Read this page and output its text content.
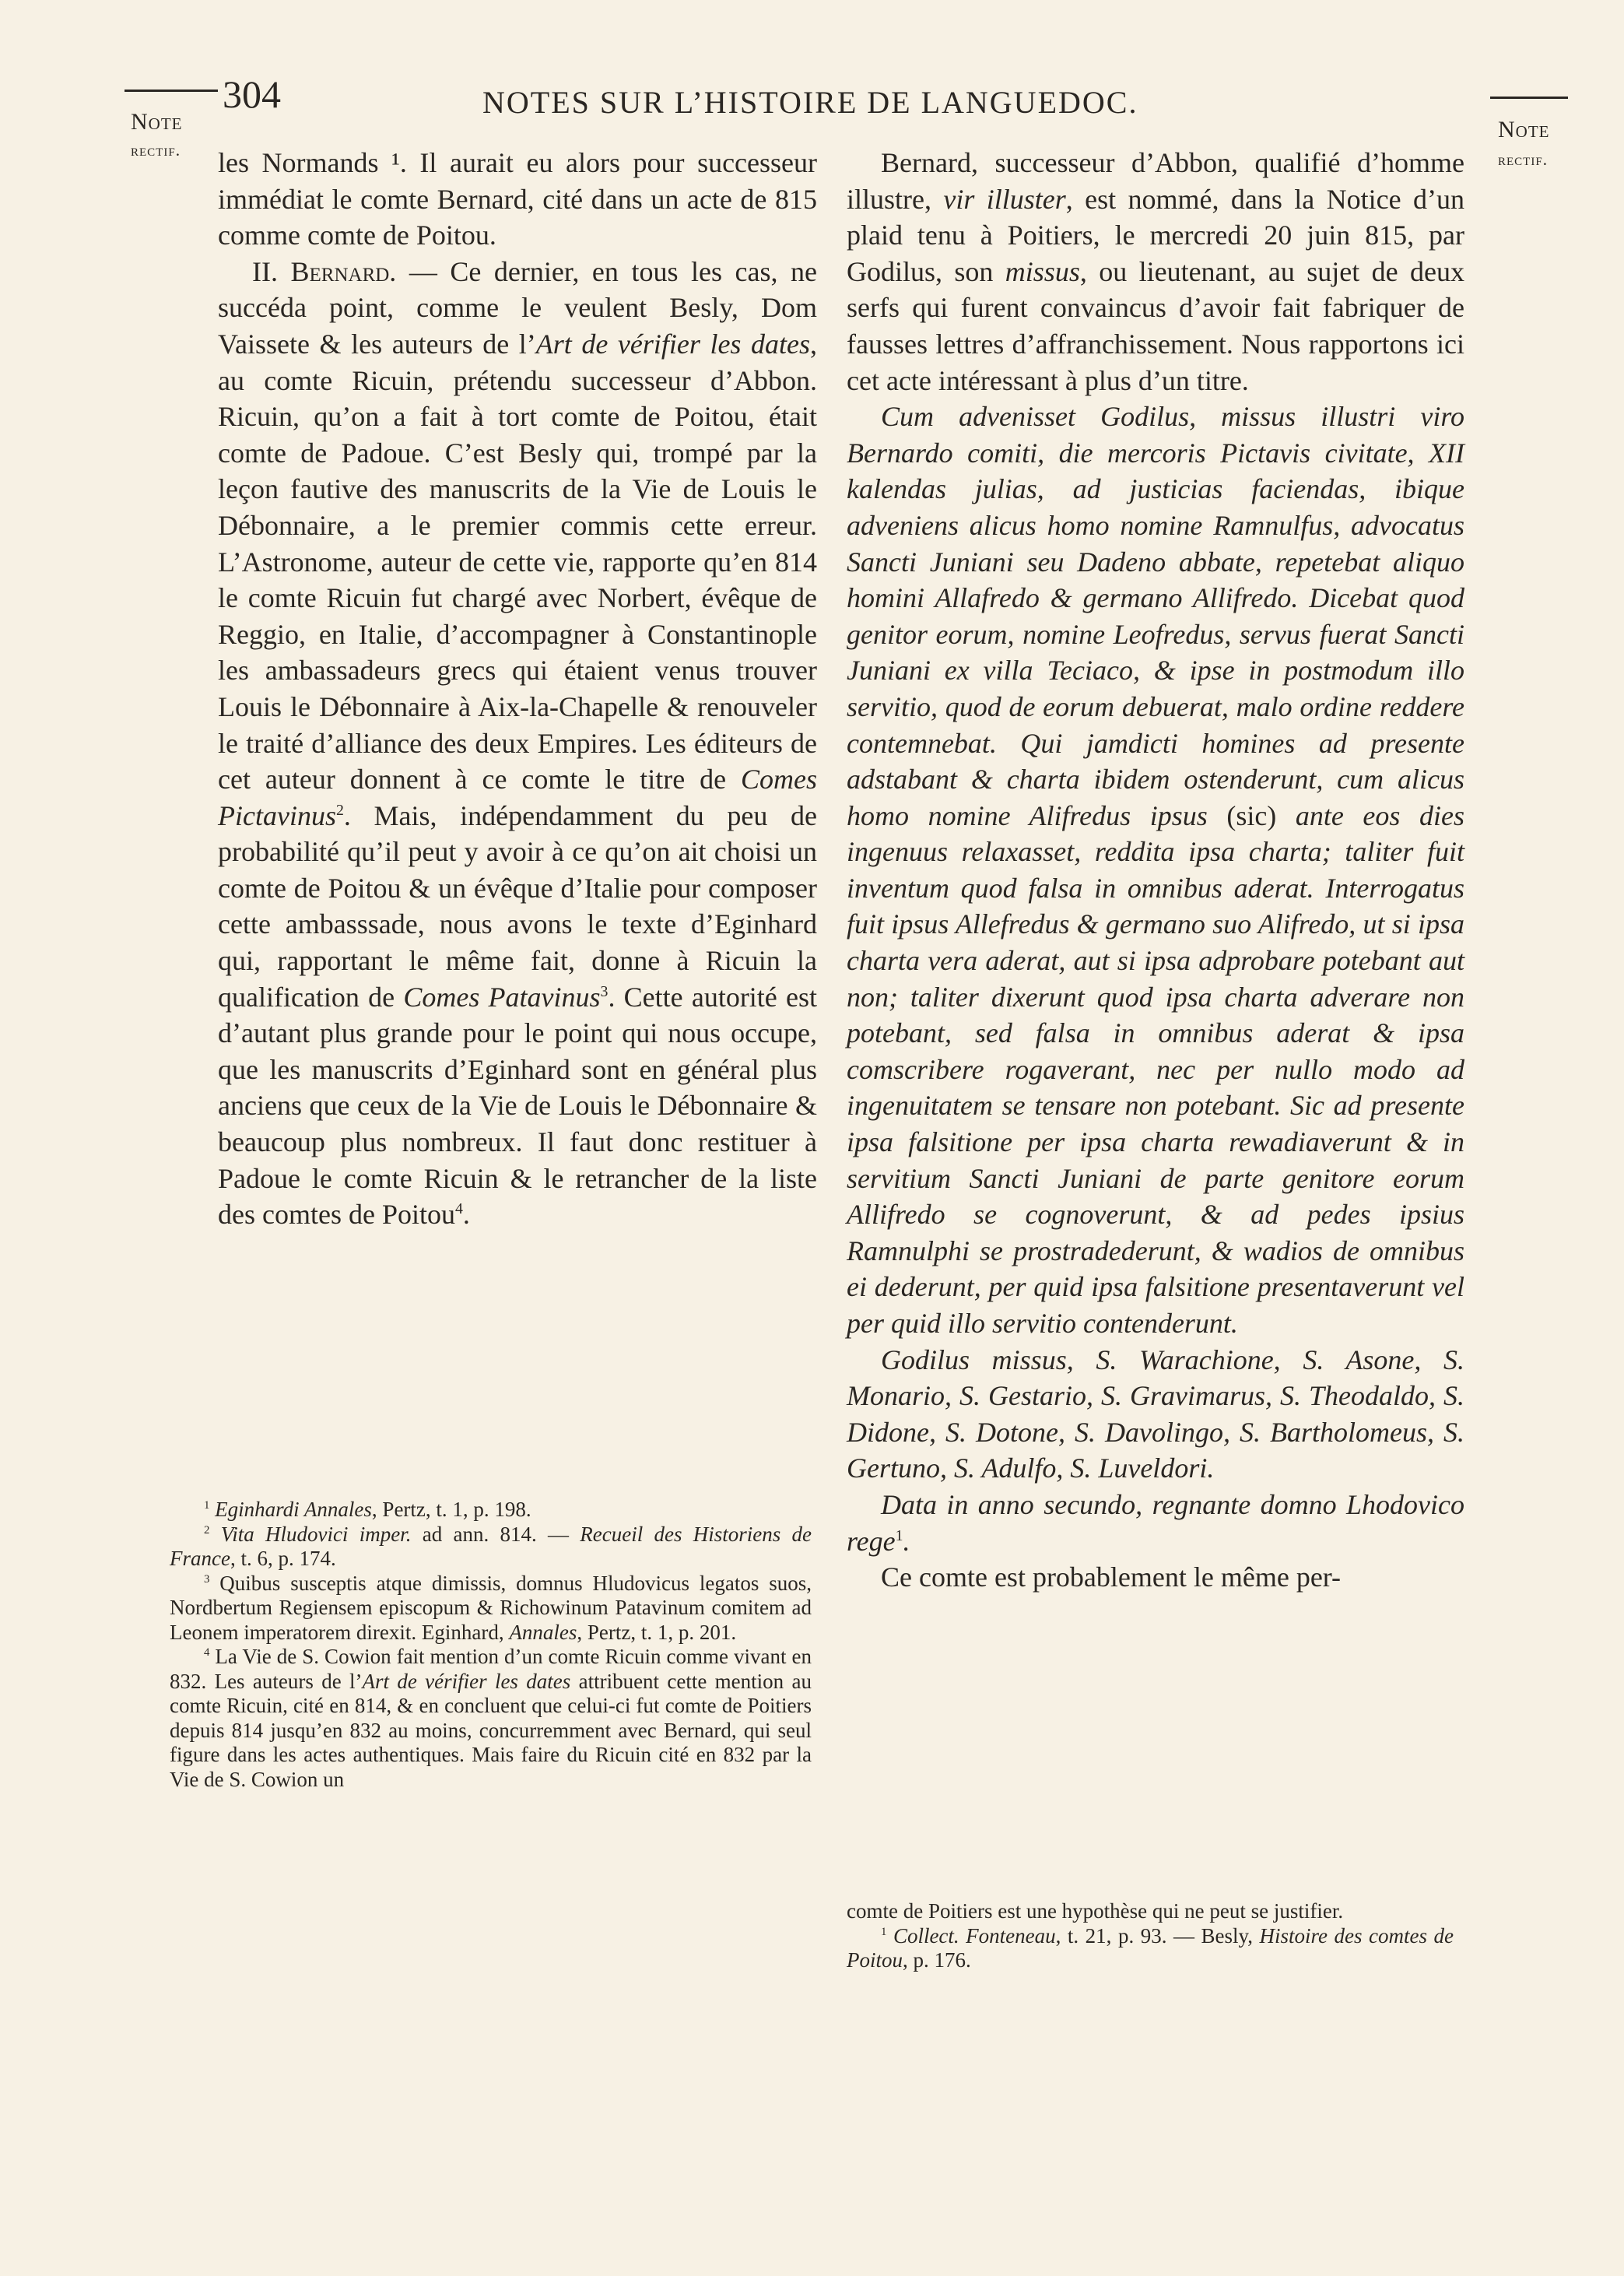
Note
rectif.
304	NOTES SUR L’HISTOIRE DE LANGUEDOC.
Note
rectif.

les Normands ¹. Il aurait eu alors pour successeur immédiat le comte Bernard, cité dans un acte de 815 comme comte de Poitou.

II. Bernard. — Ce dernier, en tous les cas, ne succéda point, comme le veulent Besly, Dom Vaissete & les auteurs de l’Art de vérifier les dates, au comte Ricuin, prétendu successeur d’Abbon. Ricuin, qu’on a fait à tort comte de Poitou, était comte de Padoue. C’est Besly qui, trompé par la leçon fautive des manuscrits de la Vie de Louis le Débonnaire, a le premier commis cette erreur. L’Astronome, auteur de cette vie, rapporte qu’en 814 le comte Ricuin fut chargé avec Norbert, évêque de Reggio, en Italie, d’accompagner à Constantinople les ambassadeurs grecs qui étaient venus trouver Louis le Débonnaire à Aix-la-Chapelle & renouveler le traité d’alliance des deux Empires. Les éditeurs de cet auteur donnent à ce comte le titre de Comes Pictavinus$^2$. Mais, indépendamment du peu de probabilité qu’il peut y avoir à ce qu’on ait choisi un comte de Poitou & un évêque d’Italie pour composer cette ambasssade, nous avons le texte d’Eginhard qui, rapportant le même fait, donne à Ricuin la qualification de Comes Patavinus$^3$. Cette autorité est d’autant plus grande pour le point qui nous occupe, que les manuscrits d’Eginhard sont en général plus anciens que ceux de la Vie de Louis le Débonnaire & beaucoup plus nombreux. Il faut donc restituer à Padoue le comte Ricuin & le retrancher de la liste des comtes de Poitou$^4$.

Bernard, successeur d’Abbon, qualifié d’homme illustre, vir illuster, est nommé, dans la Notice d’un plaid tenu à Poitiers, le mercredi 20 juin 815, par Godilus, son missus, ou lieutenant, au sujet de deux serfs qui furent convaincus d’avoir fait fabriquer de fausses lettres d’affranchissement. Nous rapportons ici cet acte intéressant à plus d’un titre.

Cum advenisset Godilus, missus illustri viro Bernardo comiti, die mercoris Pictavis civitate, XII kalendas julias, ad justicias faciendas, ibique adveniens alicus homo nomine Ramnulfus, advocatus Sancti Juniani seu Dadeno abbate, repetebat aliquo homini Allafredo & germano Allifredo. Dicebat quod genitor eorum, nomine Leofredus, servus fuerat Sancti Juniani ex villa Teciaco, & ipse in postmodum illo servitio, quod de eorum debuerat, malo ordine reddere contemnebat. Qui jamdicti homines ad presente adstabant & charta ibidem ostenderunt, cum alicus homo nomine Alifredus ipsus (sic) ante eos dies ingenuus relaxasset, reddita ipsa charta; taliter fuit inventum quod falsa in omnibus aderat. Interrogatus fuit ipsus Allefredus & germano suo Alifredo, ut si ipsa charta vera aderat, aut si ipsa adprobare potebant aut non; taliter dixerunt quod ipsa charta adverare non potebant, sed falsa in omnibus aderat & ipsa comscribere rogaverant, nec per nullo modo ad ingenuitatem se tensare non potebant. Sic ad presente ipsa falsitione per ipsa charta rewadiaverunt & in servitium Sancti Juniani de parte genitore eorum Allifredo se cognoverunt, & ad pedes ipsius Ramnulphi se prostradederunt, & wadios de omnibus ei dederunt, per quid ipsa falsitione presentaverunt vel per quid illo servitio contenderunt.

Godilus missus, S. Warachione, S. Asone, S. Monario, S. Gestario, S. Gravimarus, S. Theodaldo, S. Didone, S. Dotone, S. Davolingo, S. Bartholomeus, S. Gertuno, S. Adulfo, S. Luveldori.

Data in anno secundo, regnante domno Lhodovico rege$^1$.

Ce comte est probablement le même per-

$^1$ Eginhardi Annales, Pertz, t. 1, p. 198.

$^2$ Vita Hludovici imper. ad ann. 814. — Recueil des Historiens de France, t. 6, p. 174.

$^3$ Quibus susceptis atque dimissis, domnus Hludovicus legatos suos, Nordbertum Regiensem episcopum & Richowinum Patavinum comitem ad Leonem imperatorem direxit. Eginhard, Annales, Pertz, t. 1, p. 201.

$^4$ La Vie de S. Cowion fait mention d’un comte Ricuin comme vivant en 832. Les auteurs de l’Art de vérifier les dates attribuent cette mention au comte Ricuin, cité en 814, & en concluent que celui-ci fut comte de Poitiers depuis 814 jusqu’en 832 au moins, concurremment avec Bernard, qui seul figure dans les actes authentiques. Mais faire du Ricuin cité en 832 par la Vie de S. Cowion un

comte de Poitiers est une hypothèse qui ne peut se justifier.

$^1$ Collect. Fonteneau, t. 21, p. 93. — Besly, Histoire des comtes de Poitou, p. 176.
